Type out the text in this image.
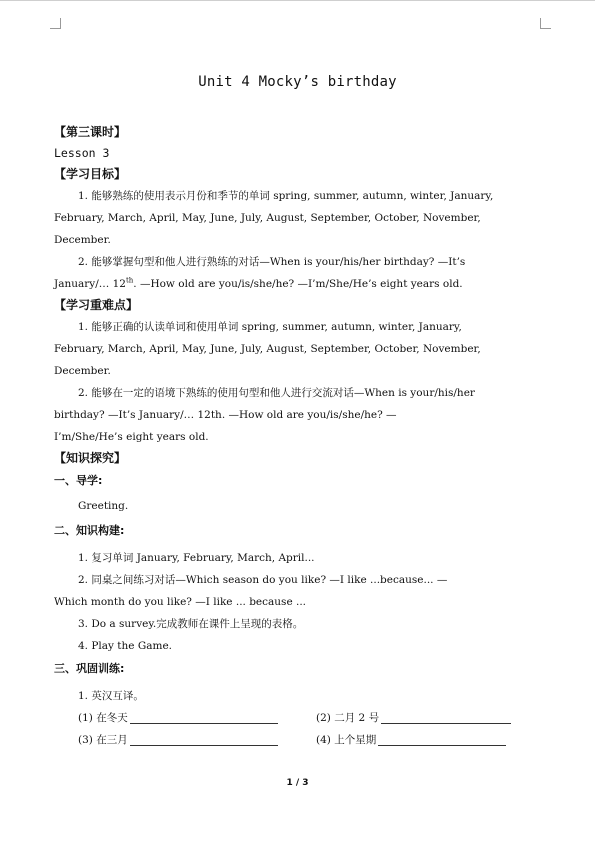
Unit 4 Mocky’s birthday
【第三课时】
Lesson 3
【学习目标】
1. 能够熟练的使用表示月份和季节的单词 spring, summer, autumn, winter, January,
February, March, April, May, June, July, August, September, October, November,
December.
2. 能够掌握句型和他人进行熟练的对话—When is your/his/her birthday? —It’s
January/… 12th. —How old are you/is/she/he? —I’m/She/He’s eight years old.
【学习重难点】
1. 能够正确的认读单词和使用单词 spring, summer, autumn, winter, January,
February, March, April, May, June, July, August, September, October, November,
December.
2. 能够在一定的语境下熟练的使用句型和他人进行交流对话—When is your/his/her
birthday? —It’s January/… 12th. —How old are you/is/she/he? —
I’m/She/He’s eight years old.
【知识探究】
一、导学:
Greeting.
二、知识构建:
1. 复习单词 January, February, March, April...
2. 同桌之间练习对话—Which season do you like? —I like ...because... —
Which month do you like? —I like ... because ...
3. Do a survey.完成教师在课件上呈现的表格。
4. Play the Game.
三、巩固训练:
1. 英汉互译。
(1) 在冬天	(2) 二月 2 号
(3) 在三月	(4) 上个星期
1 / 3
